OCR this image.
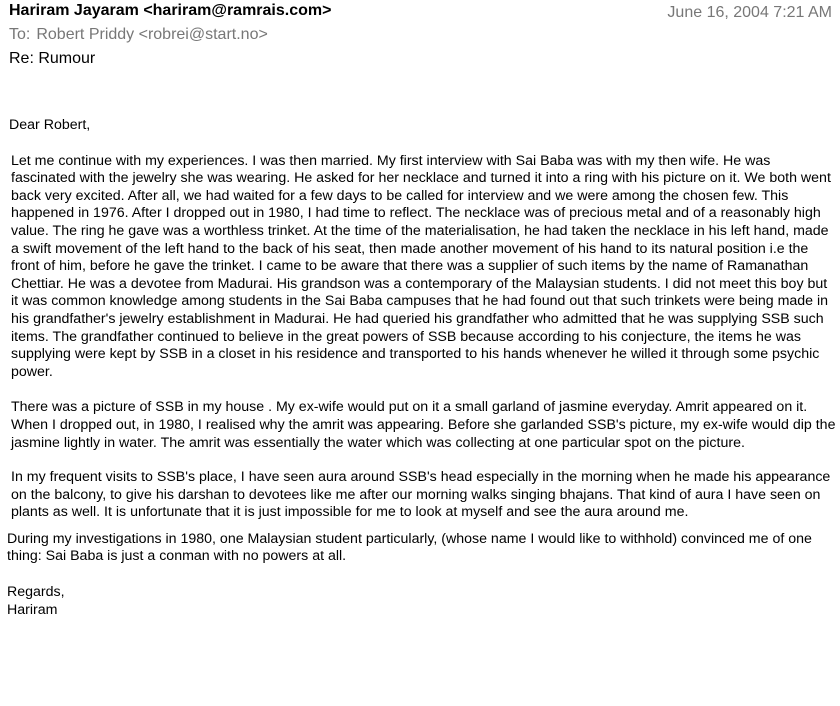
Hariram Jayaram <hariram@ramrais.com>	June 16, 2004 7:21 AM
To: Robert Priddy <robrei@start.no>
Re: Rumour

Dear Robert,

Let me continue with my experiences. I was then married. My first interview with Sai Baba was with my then wife. He was fascinated with the jewelry she was wearing. He asked for her necklace and turned it into a ring with his picture on it. We both went back very excited. After all, we had waited for a few days to be called for interview and we were among the chosen few. This happened in 1976. After I dropped out in 1980, I had time to reflect. The necklace was of precious metal and of a reasonably high value. The ring he gave was a worthless trinket. At the time of the materialisation, he had taken the necklace in his left hand, made a swift movement of the left hand to the back of his seat, then made another movement of his hand to its natural position i.e the front of him, before he gave the trinket. I came to be aware that there was a supplier of such items by the name of Ramanathan Chettiar. He was a devotee from Madurai. His grandson was a contemporary of the Malaysian students. I did not meet this boy but it was common knowledge among students in the Sai Baba campuses that he had found out that such trinkets were being made in his grandfather's jewelry establishment in Madurai. He had queried his grandfather who admitted that he was supplying SSB such items. The grandfather continued to believe in the great powers of SSB because according to his conjecture, the items he was supplying were kept by SSB in a closet in his residence and transported to his hands whenever he willed it through some psychic power.

There was a picture of SSB in my house . My ex-wife would put on it a small garland of jasmine everyday. Amrit appeared on it. When I dropped out, in 1980, I realised why the amrit was appearing. Before she garlanded SSB's picture, my ex-wife would dip the jasmine lightly in water. The amrit was essentially the water which was collecting at one particular spot on the picture.

In my frequent visits to SSB's place, I have seen aura around SSB's head especially in the morning when he made his appearance on the balcony, to give his darshan to devotees like me after our morning walks singing bhajans. That kind of aura I have seen on plants as well. It is unfortunate that it is just impossible for me to look at myself and see the aura around me.

During my investigations in 1980, one Malaysian student particularly, (whose name I would like to withhold) convinced me of one thing: Sai Baba is just a conman with no powers at all.

Regards,
Hariram
